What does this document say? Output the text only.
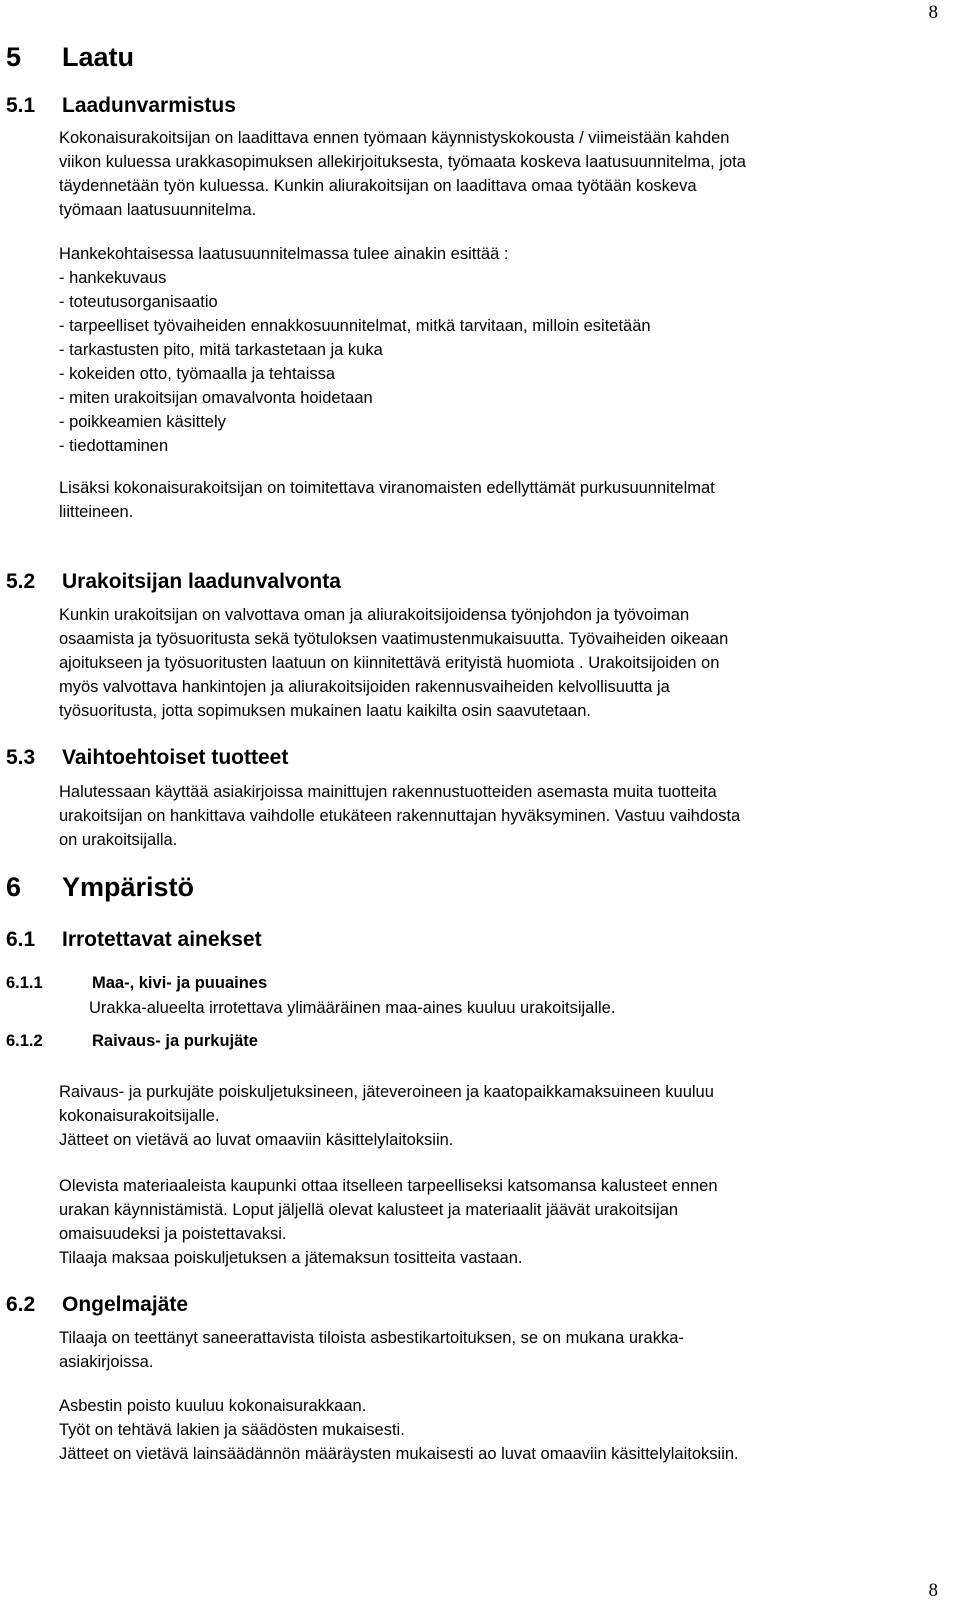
8
5 Laatu
5.1 Laadunvarmistus
Kokonaisurakoitsijan on laadittava ennen työmaan käynnistyskokousta / viimeistään kahden
viikon kuluessa urakkasopimuksen allekirjoituksesta, työmaata koskeva laatusuunnitelma, jota
täydennetään työn kuluessa. Kunkin aliurakoitsijan on laadittava omaa työtään koskeva
työmaan laatusuunnitelma.
Hankekohtaisessa laatusuunnitelmassa tulee ainakin esittää :
- hankekuvaus
- toteutusorganisaatio
- tarpeelliset työvaiheiden ennakkosuunnitelmat, mitkä tarvitaan, milloin esitetään
- tarkastusten pito, mitä tarkastetaan ja kuka
- kokeiden otto, työmaalla ja tehtaissa
- miten urakoitsijan omavalvonta hoidetaan
- poikkeamien käsittely
- tiedottaminen
Lisäksi kokonaisurakoitsijan on toimitettava viranomaisten edellyttämät purkusuunnitelmat
liitteineen.
5.2 Urakoitsijan laadunvalvonta
Kunkin urakoitsijan on valvottava oman ja aliurakoitsijoidensa työnjohdon ja työvoiman
osaamista ja työsuoritusta sekä työtuloksen vaatimustenmukaisuutta. Työvaiheiden oikeaan
ajoitukseen ja työsuoritusten laatuun on kiinnitettävä erityistä huomiota . Urakoitsijoiden on
myös valvottava hankintojen ja aliurakoitsijoiden rakennusvaiheiden kelvollisuutta ja
työsuoritusta, jotta sopimuksen mukainen laatu kaikilta osin saavutetaan.
5.3 Vaihtoehtoiset tuotteet
Halutessaan käyttää asiakirjoissa mainittujen rakennustuotteiden asemasta muita tuotteita
urakoitsijan on hankittava vaihdolle etukäteen rakennuttajan hyväksyminen. Vastuu vaihdosta
on urakoitsijalla.
6 Ympäristö
6.1 Irrotettavat ainekset
6.1.1	Maa-, kivi- ja puuaines
Urakka-alueelta irrotettava ylimääräinen maa-aines kuuluu urakoitsijalle.
6.1.2	Raivaus- ja purkujäte
Raivaus- ja purkujäte poiskuljetuksineen, jäteveroineen ja kaatopaikkamaksuineen kuuluu
kokonaisurakoitsijalle.
Jätteet on vietävä ao luvat omaaviin käsittelylaitoksiin.
Olevista materiaaleista kaupunki ottaa itselleen tarpeelliseksi katsomansa kalusteet ennen
urakan käynnistämistä. Loput jäljellä olevat kalusteet ja materiaalit jäävät urakoitsijan
omaisuudeksi ja poistettavaksi.
Tilaaja maksaa poiskuljetuksen a jätemaksun tositteita vastaan.
6.2 Ongelmajäte
Tilaaja on teettänyt saneerattavista tiloista asbestikartoituksen, se on mukana urakka-
asiakirjoissa.
Asbestin poisto kuuluu kokonaisurakkaan.
Työt on tehtävä lakien ja säädösten mukaisesti.
Jätteet on vietävä lainsäädännön määräysten mukaisesti ao luvat omaaviin käsittelylaitoksiin.
8
